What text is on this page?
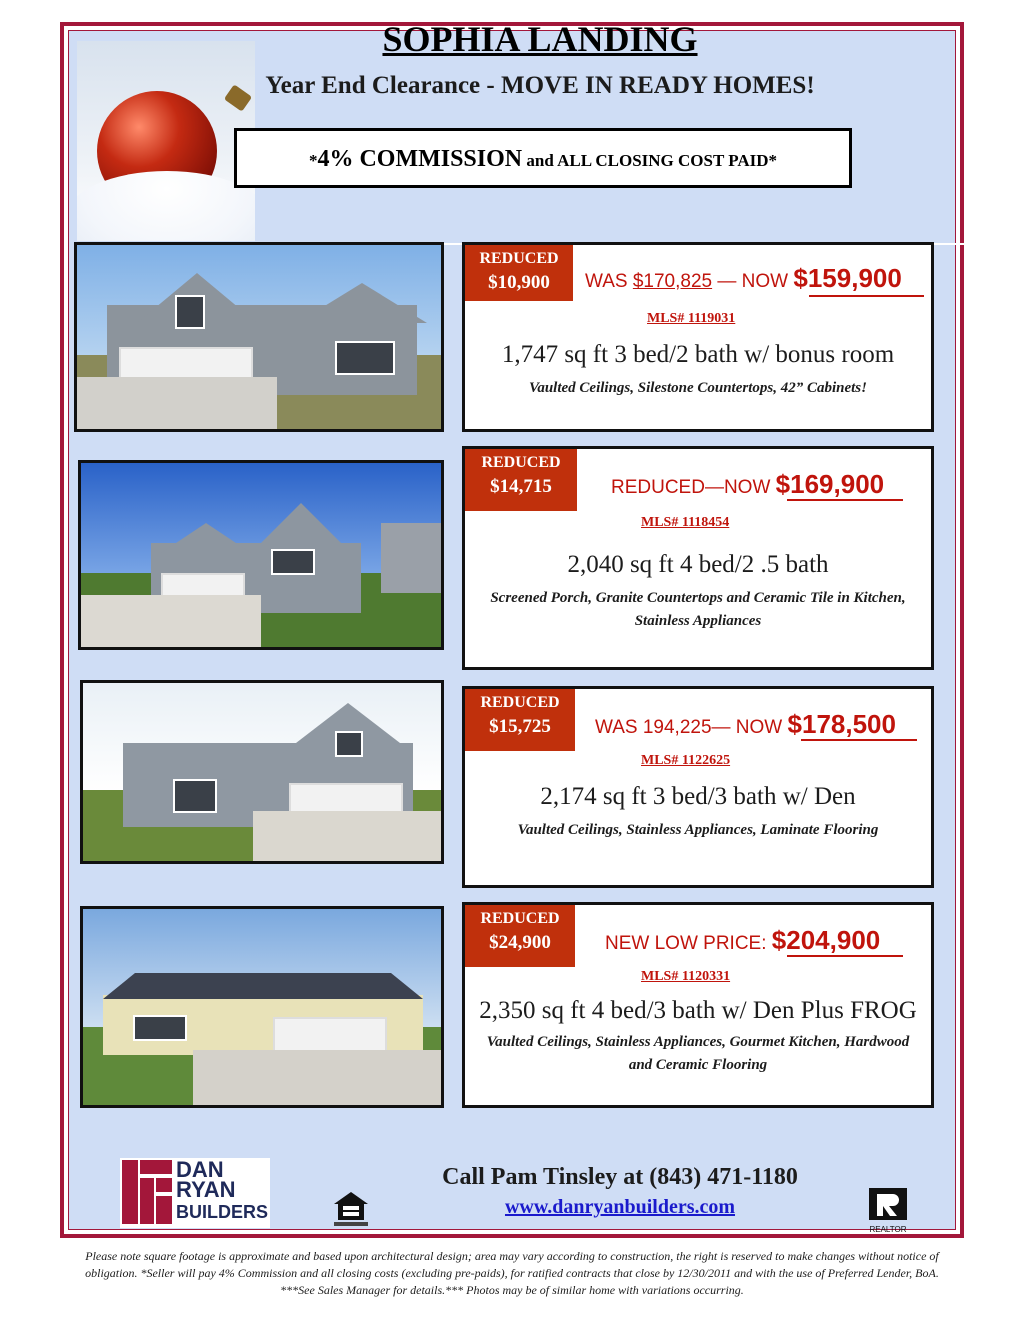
SOPHIA LANDING
Year End Clearance - MOVE IN READY HOMES!
*4% COMMISSION and ALL CLOSING COST PAID*
REDUCED
$10,900	WAS $170,825 — NOW $159,900
MLS# 1119031
1,747 sq ft 3 bed/2 bath w/ bonus room
Vaulted Ceilings, Silestone Countertops, 42” Cabinets!
REDUCED
$14,715	REDUCED—NOW $169,900
MLS# 1118454
2,040 sq ft 4 bed/2 .5 bath
Screened Porch, Granite Countertops and Ceramic Tile in Kitchen, Stainless Appliances
REDUCED
$15,725	WAS 194,225— NOW $178,500
MLS# 1122625
2,174 sq ft 3 bed/3 bath w/ Den
Vaulted Ceilings, Stainless Appliances, Laminate Flooring
REDUCED
$24,900	NEW LOW PRICE: $204,900
MLS# 1120331
2,350 sq ft 4 bed/3 bath w/ Den Plus FROG
Vaulted Ceilings, Stainless Appliances, Gourmet Kitchen, Hardwood and Ceramic Flooring
DAN
RYAN
BUILDERS
Call Pam Tinsley at (843) 471-1180
www.danryanbuilders.com
REALTOR
Please note square footage is approximate and based upon architectural design; area may vary according to construction, the right is reserved to make changes without notice of obligation. *Seller will pay 4% Commission and all closing costs (excluding pre-paids), for ratified contracts that close by 12/30/2011 and with the use of Preferred Lender, BoA. ***See Sales Manager for details.*** Photos may be of similar home with variations occurring.
